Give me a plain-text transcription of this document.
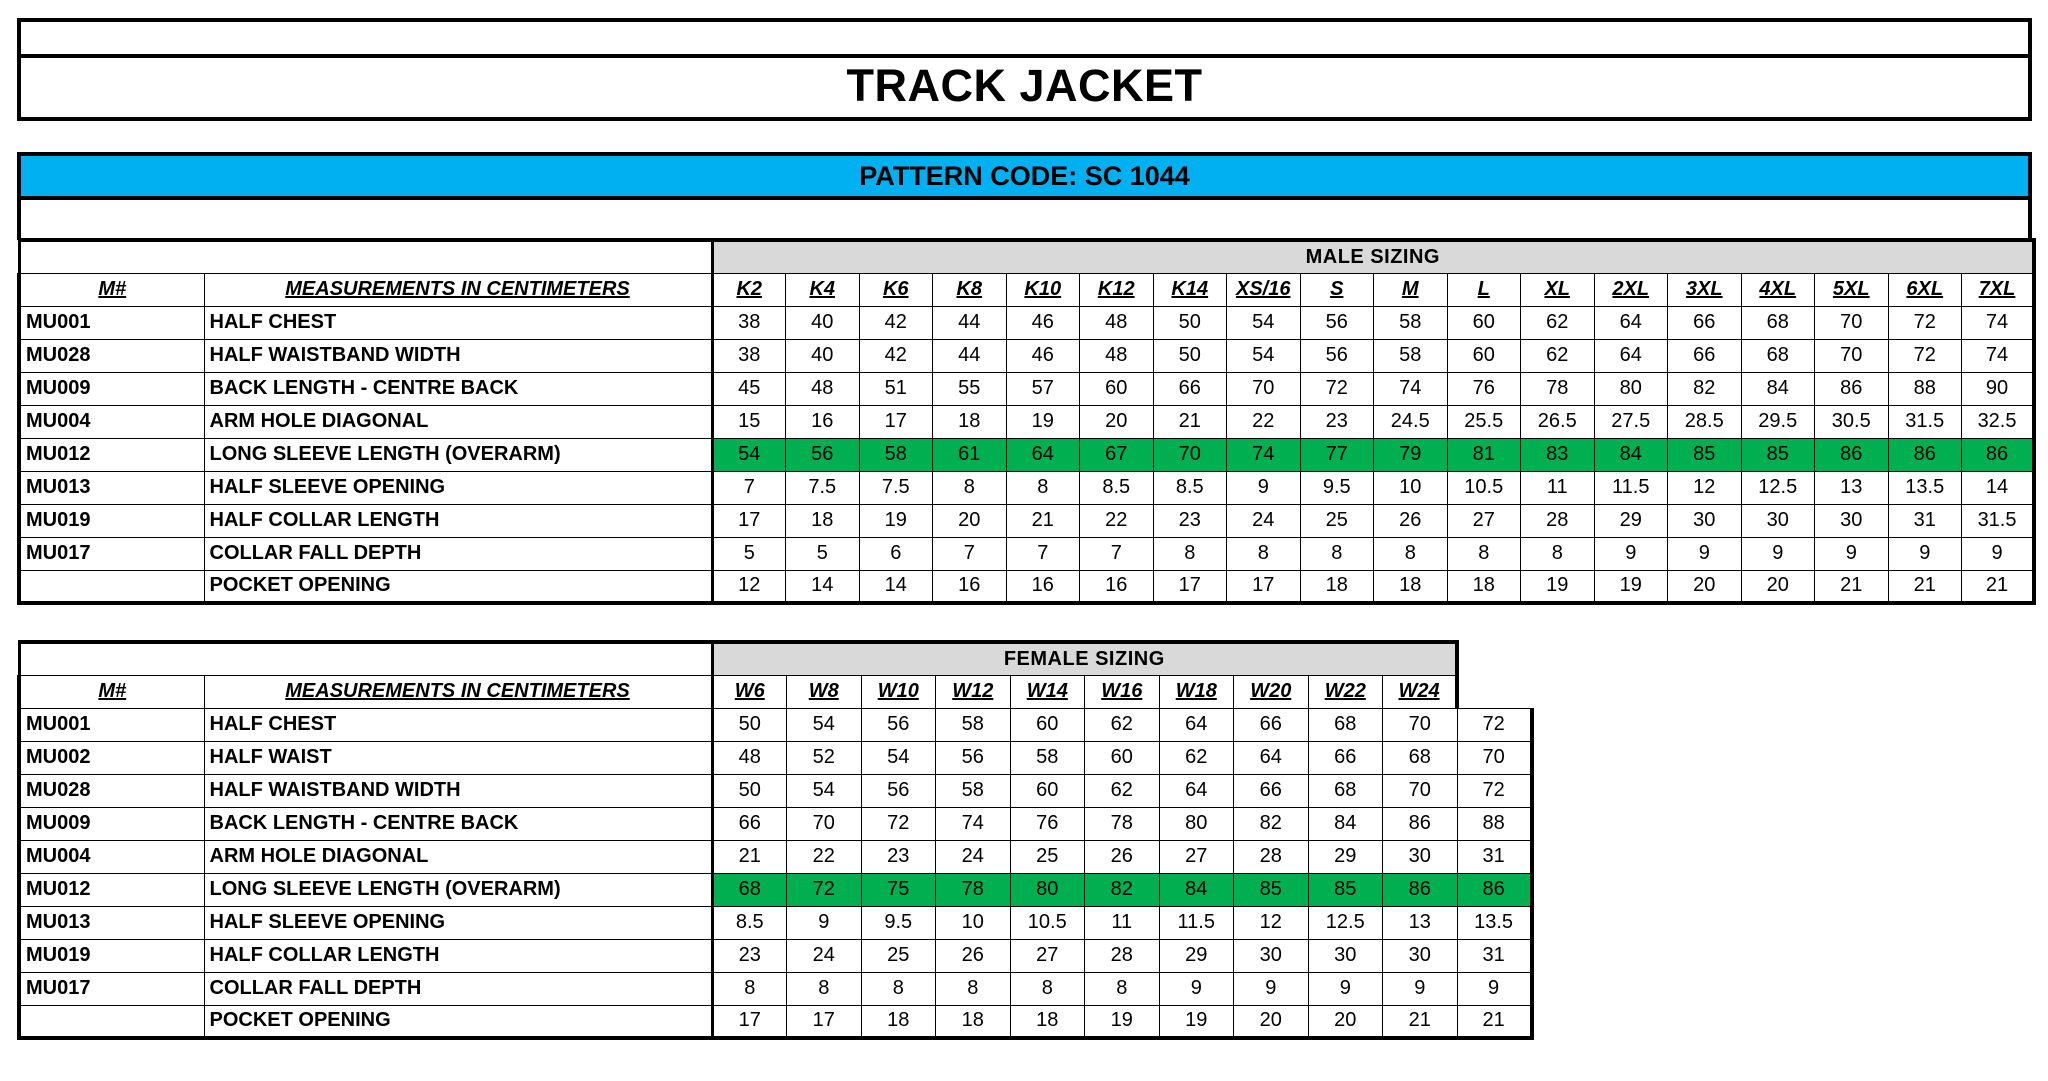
TRACK JACKET
PATTERN CODE: SC 1044
		MALE SIZING																	
M#	MEASUREMENTS IN CENTIMETERS	K2	K4	K6	K8	K10	K12	K14	XS/16	S	M	L	XL	2XL	3XL	4XL	5XL	6XL	7XL
MU001	HALF CHEST	38	40	42	44	46	48	50	54	56	58	60	62	64	66	68	70	72	74
MU028	HALF WAISTBAND WIDTH	38	40	42	44	46	48	50	54	56	58	60	62	64	66	68	70	72	74
MU009	BACK LENGTH - CENTRE BACK	45	48	51	55	57	60	66	70	72	74	76	78	80	82	84	86	88	90
MU004	ARM HOLE DIAGONAL	15	16	17	18	19	20	21	22	23	24.5	25.5	26.5	27.5	28.5	29.5	30.5	31.5	32.5
MU012	LONG SLEEVE LENGTH (OVERARM)	54	56	58	61	64	67	70	74	77	79	81	83	84	85	85	86	86	86
MU013	HALF SLEEVE OPENING	7	7.5	7.5	8	8	8.5	8.5	9	9.5	10	10.5	11	11.5	12	12.5	13	13.5	14
MU019	HALF COLLAR LENGTH	17	18	19	20	21	22	23	24	25	26	27	28	29	30	30	30	31	31.5
MU017	COLLAR FALL DEPTH	5	5	6	7	7	7	8	8	8	8	8	8	9	9	9	9	9	9
	POCKET OPENING	12	14	14	16	16	16	17	17	18	18	18	19	19	20	20	21	21	21
		FEMALE SIZING										
M#	MEASUREMENTS IN CENTIMETERS	W6	W8	W10	W12	W14	W16	W18	W20	W22	W24	
MU001	HALF CHEST	50	54	56	58	60	62	64	66	68	70	72
MU002	HALF WAIST	48	52	54	56	58	60	62	64	66	68	70
MU028	HALF WAISTBAND WIDTH	50	54	56	58	60	62	64	66	68	70	72
MU009	BACK LENGTH - CENTRE BACK	66	70	72	74	76	78	80	82	84	86	88
MU004	ARM HOLE DIAGONAL	21	22	23	24	25	26	27	28	29	30	31
MU012	LONG SLEEVE LENGTH (OVERARM)	68	72	75	78	80	82	84	85	85	86	86
MU013	HALF SLEEVE OPENING	8.5	9	9.5	10	10.5	11	11.5	12	12.5	13	13.5
MU019	HALF COLLAR LENGTH	23	24	25	26	27	28	29	30	30	30	31
MU017	COLLAR FALL DEPTH	8	8	8	8	8	8	9	9	9	9	9
	POCKET OPENING	17	17	18	18	18	19	19	20	20	21	21
